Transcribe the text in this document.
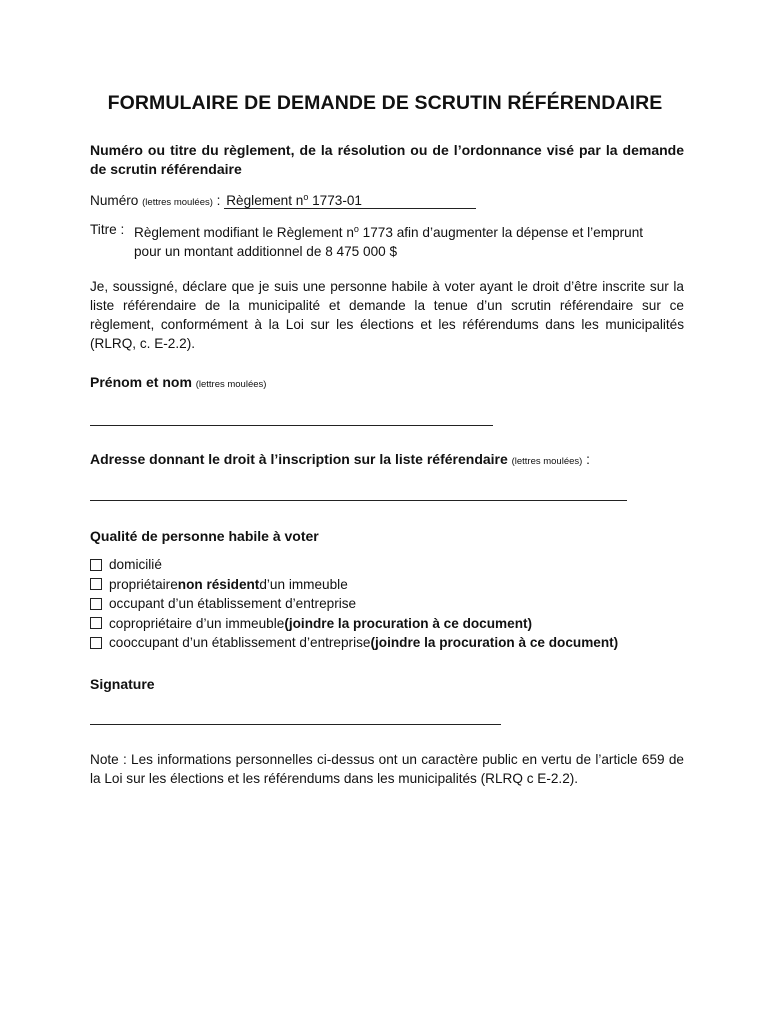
FORMULAIRE DE DEMANDE DE SCRUTIN RÉFÉRENDAIRE
Numéro ou titre du règlement, de la résolution ou de l’ordonnance visé par la demande de scrutin référendaire
Numéro (lettres moulées) : Règlement $n^o$ 1773-01
Titre : Règlement modifiant le Règlement $n^o$ 1773 afin d’augmenter la dépense et l’emprunt
pour un montant additionnel de 8 475 000 $
Je, soussigné, déclare que je suis une personne habile à voter ayant le droit d’être inscrite sur la liste référendaire de la municipalité et demande la tenue d’un scrutin référendaire sur ce règlement, conformément à la Loi sur les élections et les référendums dans les municipalités (RLRQ, c. E-2.2).
Prénom et nom (lettres moulées)
Adresse donnant le droit à l’inscription sur la liste référendaire (lettres moulées) :
Qualité de personne habile à voter
domicilié
propriétaire non résident d’un immeuble
occupant d’un établissement d’entreprise
copropriétaire d’un immeuble (joindre la procuration à ce document)
cooccupant d’un établissement d’entreprise (joindre la procuration à ce document)
Signature
Note : Les informations personnelles ci-dessus ont un caractère public en vertu de l’article 659 de la Loi sur les élections et les référendums dans les municipalités (RLRQ c E-2.2).
